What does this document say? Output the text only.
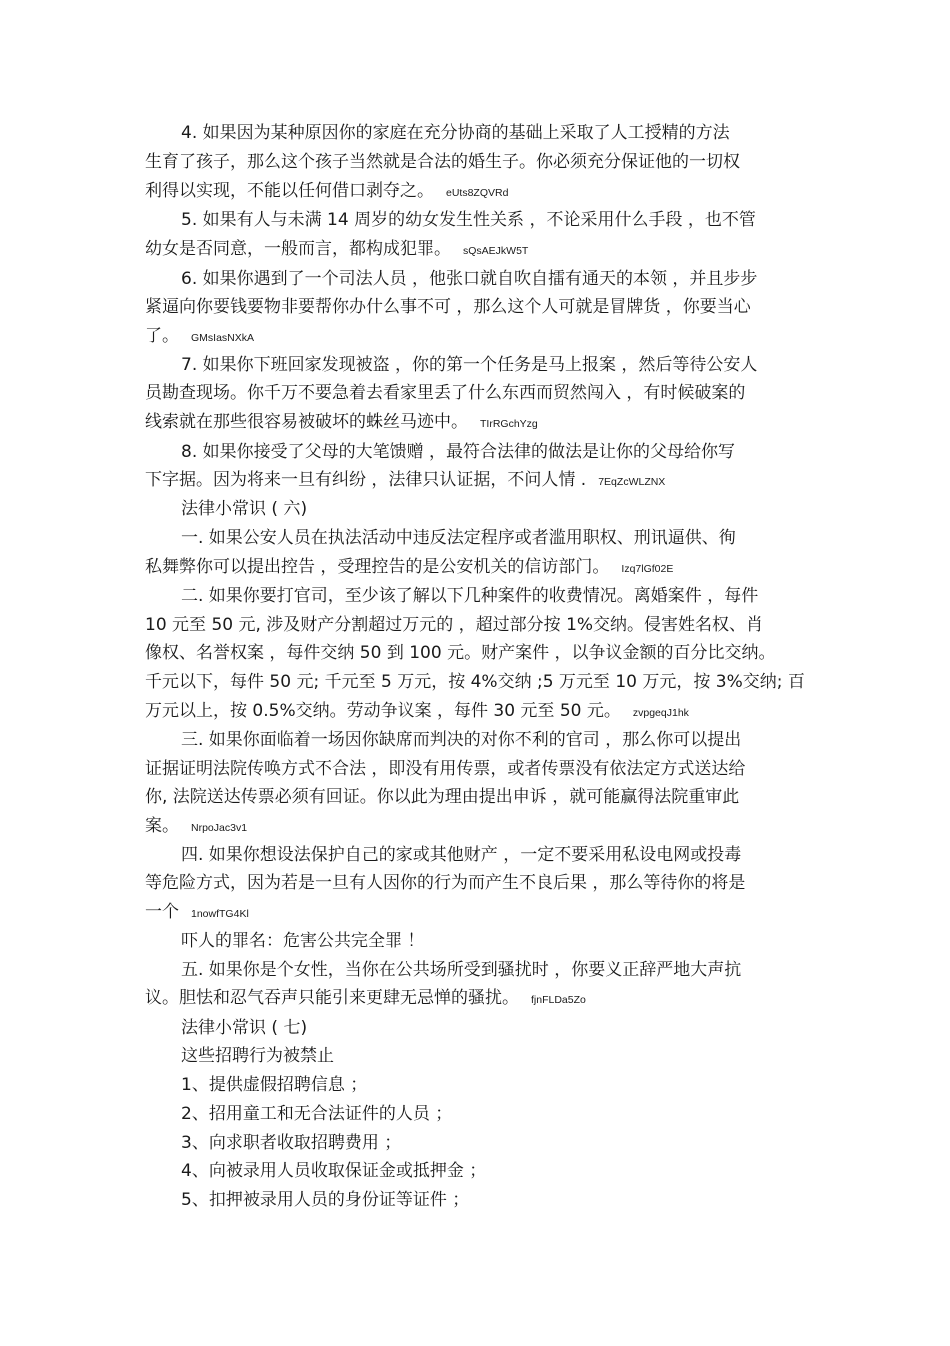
4. 如果因为某种原因你的家庭在充分协商的基础上采取了人工授精的方法

生育了孩子，那么这个孩子当然就是合法的婚生子。你必须充分保证他的一切权

利得以实现，不能以任何借口剥夺之。 eUts8ZQVRd

5. 如果有人与未满 14 周岁的幼女发生性关系 ，不论采用什么手段 ，也不管

幼女是否同意，一般而言，都构成犯罪。 sQsAEJkW5T

6. 如果你遇到了一个司法人员 ，他张口就自吹自擂有通天的本领 ，并且步步

紧逼向你要钱要物非要帮你办什么事不可 ，那么这个人可就是冒牌货 ，你要当心

了。 GMsIasNXkA

7. 如果你下班回家发现被盗 ，你的第一个任务是马上报案 ，然后等待公安人

员勘查现场。你千万不要急着去看家里丢了什么东西而贸然闯入 ，有时候破案的

线索就在那些很容易被破坏的蛛丝马迹中。 TIrRGchYzg

8. 如果你接受了父母的大笔馈赠 ，最符合法律的做法是让你的父母给你写

下字据。因为将来一旦有纠纷 ，法律只认证据，不问人情 . 7EqZcWLZNX

法律小常识 ( 六)

一. 如果公安人员在执法活动中违反法定程序或者滥用职权、刑讯逼供、徇

私舞弊你可以提出控告 ，受理控告的是公安机关的信访部门。 Izq7lGf02E

二. 如果你要打官司，至少该了解以下几种案件的收费情况。离婚案件 ，每件

10 元至 50 元, 涉及财产分割超过万元的 ，超过部分按 1%交纳。侵害姓名权、肖

像权、名誉权案 ，每件交纳 50 到 100 元。财产案件 ，以争议金额的百分比交纳。

千元以下，每件 50 元; 千元至 5 万元，按 4%交纳 ;5 万元至 10 万元，按 3%交纳; 百

万元以上，按 0.5%交纳。劳动争议案 ，每件 30 元至 50 元。 zvpgeqJ1hk

三. 如果你面临着一场因你缺席而判决的对你不利的官司 ，那么你可以提出

证据证明法院传唤方式不合法 ，即没有用传票，或者传票没有依法定方式送达给

你, 法院送达传票必须有回证。你以此为理由提出申诉 ，就可能赢得法院重审此

案。 NrpoJac3v1

四. 如果你想设法保护自己的家或其他财产 ，一定不要采用私设电网或投毒

等危险方式，因为若是一旦有人因你的行为而产生不良后果 ，那么等待你的将是

一个 1nowfTG4Kl

吓人的罪名：危害公共完全罪 ！

五. 如果你是个女性，当你在公共场所受到骚扰时 ，你要义正辞严地大声抗

议。胆怯和忍气吞声只能引来更肆无忌惮的骚扰。 fjnFLDa5Zo

法律小常识 ( 七)

这些招聘行为被禁止

1、提供虚假招聘信息 ；

2、招用童工和无合法证件的人员 ；

3、向求职者收取招聘费用 ；

4、向被录用人员收取保证金或抵押金 ；

5、扣押被录用人员的身份证等证件 ；
